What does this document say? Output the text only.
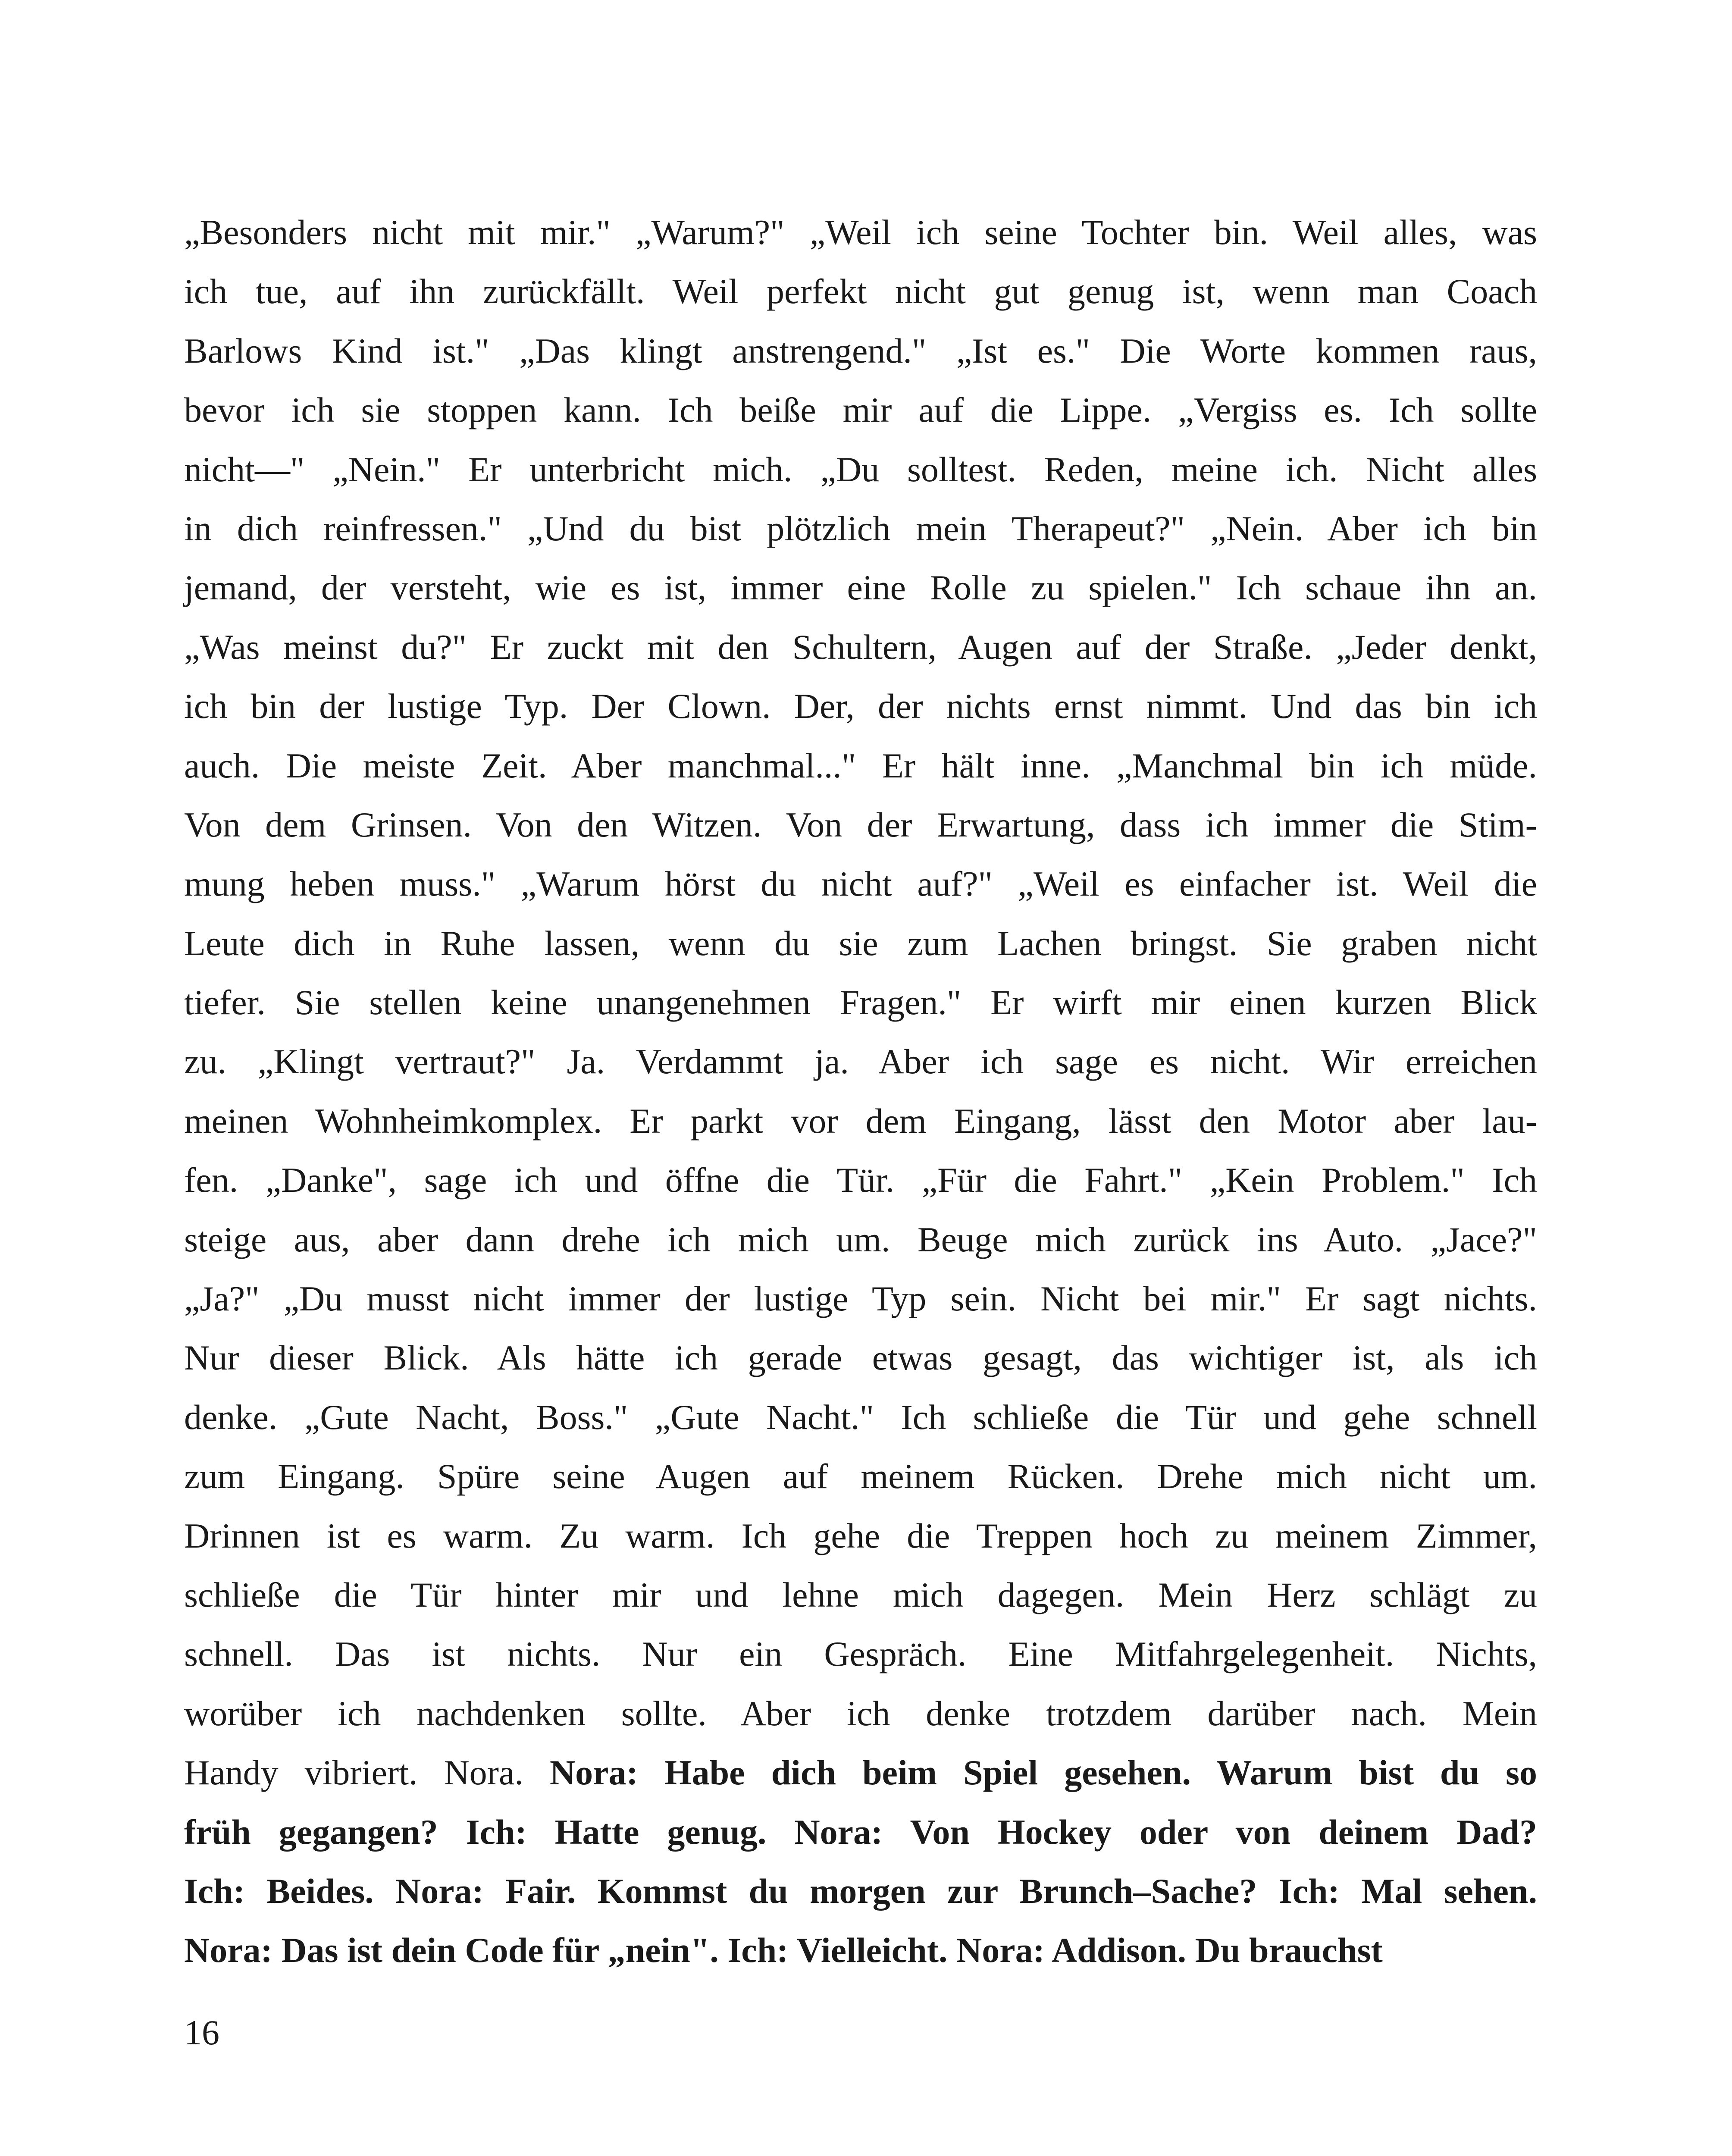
„Besonders nicht mit mir." „Warum?" „Weil ich seine Tochter bin. Weil alles, was
ich tue, auf ihn zurückfällt. Weil perfekt nicht gut genug ist, wenn man Coach
Barlows Kind ist." „Das klingt anstrengend." „Ist es." Die Worte kommen raus,
bevor ich sie stoppen kann. Ich beiße mir auf die Lippe. „Vergiss es. Ich sollte
nicht—" „Nein." Er unterbricht mich. „Du solltest. Reden, meine ich. Nicht alles
in dich reinfressen." „Und du bist plötzlich mein Therapeut?" „Nein. Aber ich bin
jemand, der versteht, wie es ist, immer eine Rolle zu spielen." Ich schaue ihn an.
„Was meinst du?" Er zuckt mit den Schultern, Augen auf der Straße. „Jeder denkt,
ich bin der lustige Typ. Der Clown. Der, der nichts ernst nimmt. Und das bin ich
auch. Die meiste Zeit. Aber manchmal..." Er hält inne. „Manchmal bin ich müde.
Von dem Grinsen. Von den Witzen. Von der Erwartung, dass ich immer die Stim-
mung heben muss." „Warum hörst du nicht auf?" „Weil es einfacher ist. Weil die
Leute dich in Ruhe lassen, wenn du sie zum Lachen bringst. Sie graben nicht
tiefer. Sie stellen keine unangenehmen Fragen." Er wirft mir einen kurzen Blick
zu. „Klingt vertraut?" Ja. Verdammt ja. Aber ich sage es nicht. Wir erreichen
meinen Wohnheimkomplex. Er parkt vor dem Eingang, lässt den Motor aber lau-
fen. „Danke", sage ich und öffne die Tür. „Für die Fahrt." „Kein Problem." Ich
steige aus, aber dann drehe ich mich um. Beuge mich zurück ins Auto. „Jace?"
„Ja?" „Du musst nicht immer der lustige Typ sein. Nicht bei mir." Er sagt nichts.
Nur dieser Blick. Als hätte ich gerade etwas gesagt, das wichtiger ist, als ich
denke. „Gute Nacht, Boss." „Gute Nacht." Ich schließe die Tür und gehe schnell
zum Eingang. Spüre seine Augen auf meinem Rücken. Drehe mich nicht um.
Drinnen ist es warm. Zu warm. Ich gehe die Treppen hoch zu meinem Zimmer,
schließe die Tür hinter mir und lehne mich dagegen. Mein Herz schlägt zu
schnell. Das ist nichts. Nur ein Gespräch. Eine Mitfahrgelegenheit. Nichts,
worüber ich nachdenken sollte. Aber ich denke trotzdem darüber nach. Mein
Handy vibriert. Nora. Nora: Habe dich beim Spiel gesehen. Warum bist du so
früh gegangen? Ich: Hatte genug. Nora: Von Hockey oder von deinem Dad?
Ich: Beides. Nora: Fair. Kommst du morgen zur Brunch–Sache? Ich: Mal sehen.
Nora: Das ist dein Code für „nein". Ich: Vielleicht. Nora: Addison. Du brauchst
16
